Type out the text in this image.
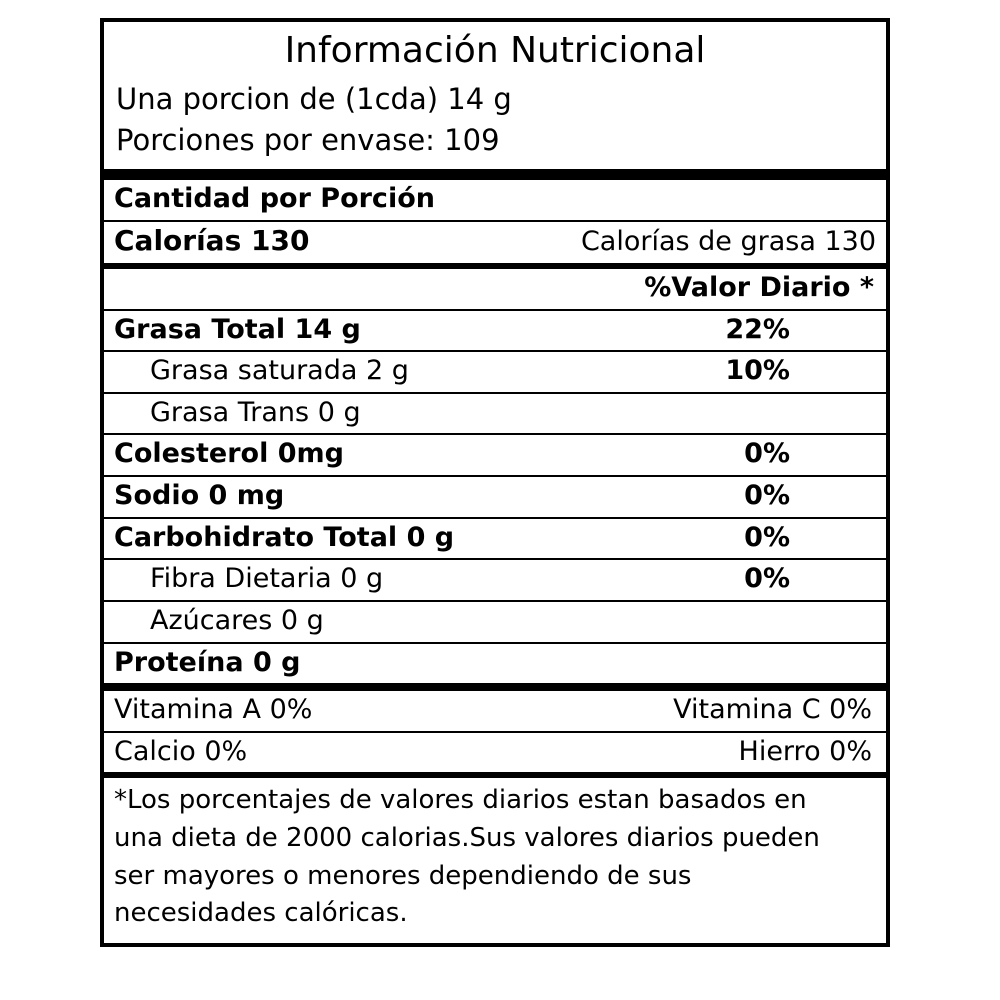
Información Nutricional
Una porcion de (1cda) 14 g
Porciones por envase: 109
Cantidad por Porción
Calorías 130	Calorías de grasa 130
%Valor Diario *
Grasa Total 14 g	22%
Grasa saturada 2 g	10%
Grasa Trans 0 g
Colesterol 0mg	0%
Sodio 0 mg	0%
Carbohidrato Total 0 g	0%
Fibra Dietaria 0 g	0%
Azúcares 0 g
Proteína 0 g
Vitamina A 0%	Vitamina C 0%
Calcio 0%	Hierro 0%

*Los porcentajes de valores diarios estan basados en

una dieta de 2000 calorias.Sus valores diarios pueden

ser mayores o menores dependiendo de sus

necesidades calóricas.
